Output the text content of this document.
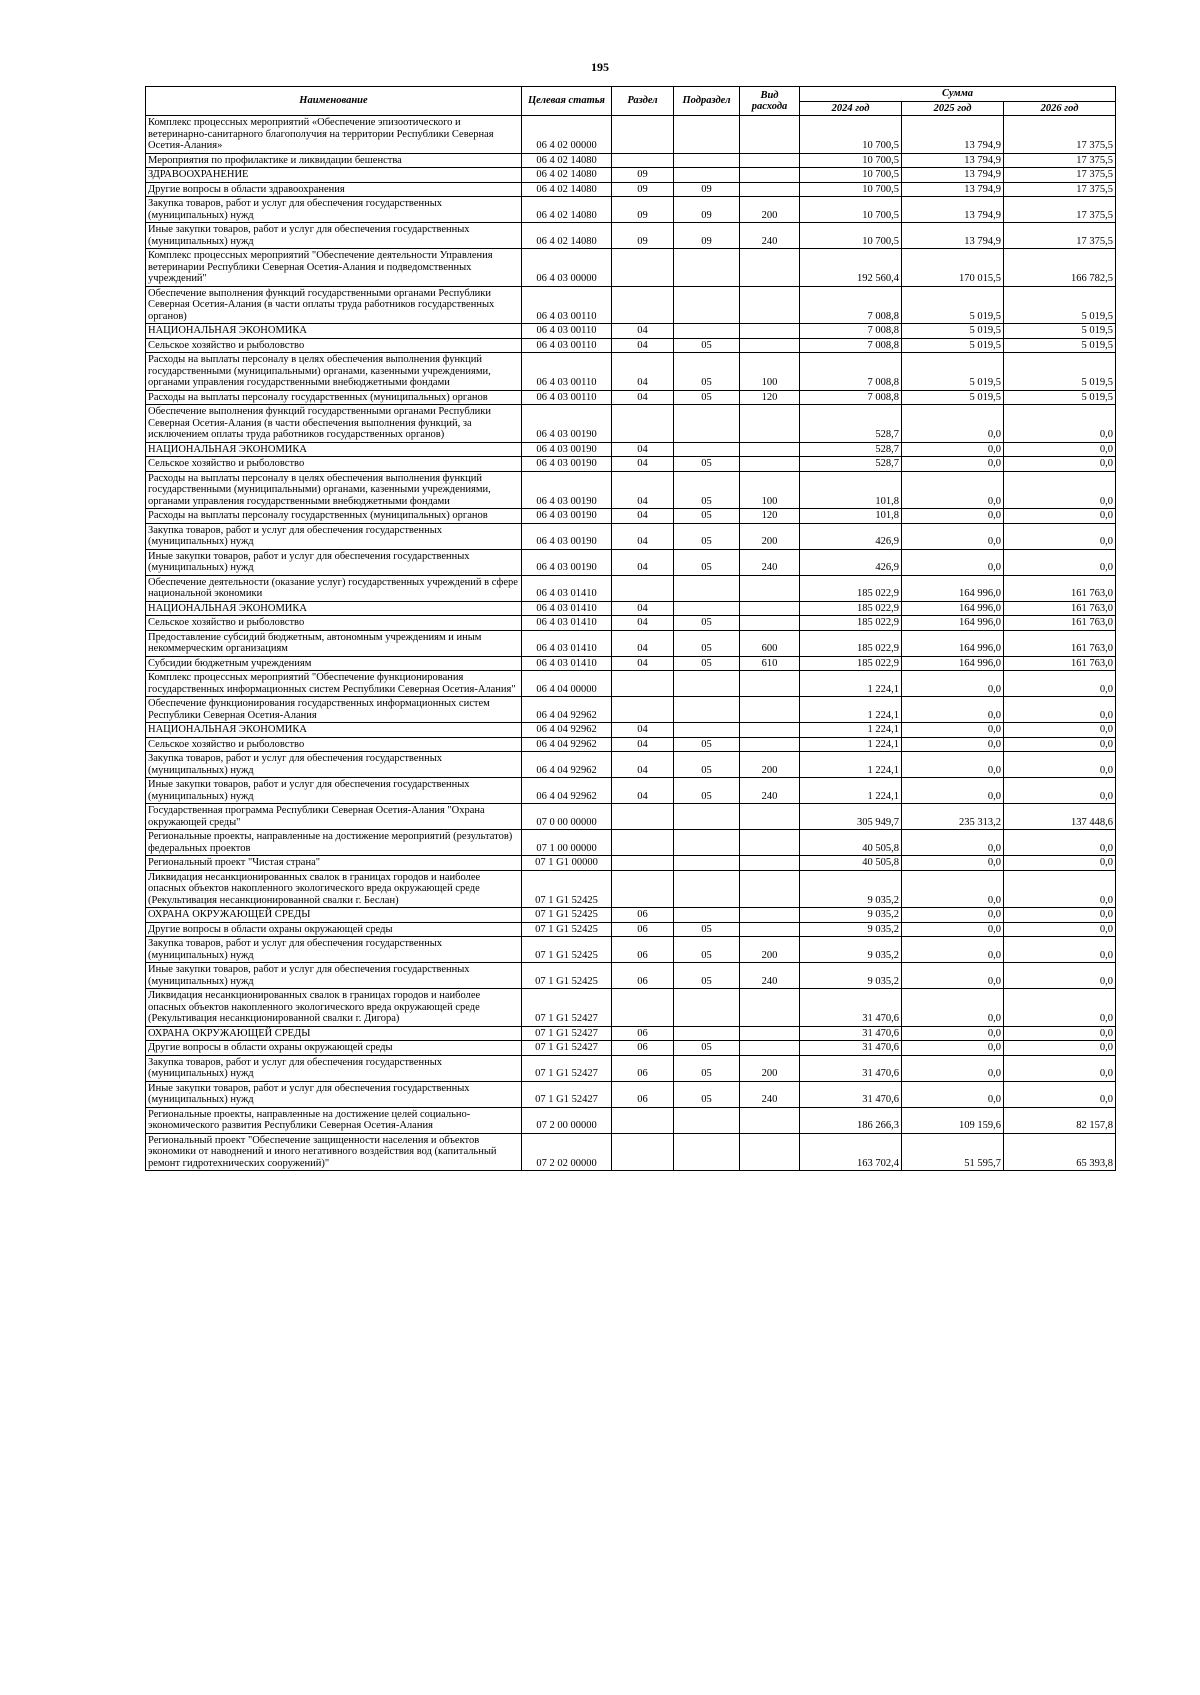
195
Наименование	Целевая статья	Раздел	Подраздел	Вид расхода	Сумма		
					2024 год	2025 год	2026 год
Комплекс процессных мероприятий «Обеспечение эпизоотического и ветеринарно-санитарного благополучия на территории Республики Северная Осетия-Алания»	06 4 02 00000				10 700,5	13 794,9	17 375,5
Мероприятия по профилактике и ликвидации бешенства	06 4 02 14080				10 700,5	13 794,9	17 375,5
ЗДРАВООХРАНЕНИЕ	06 4 02 14080	09			10 700,5	13 794,9	17 375,5
Другие вопросы в области здравоохранения	06 4 02 14080	09	09		10 700,5	13 794,9	17 375,5
Закупка товаров, работ и услуг для обеспечения государственных (муниципальных) нужд	06 4 02 14080	09	09	200	10 700,5	13 794,9	17 375,5
Иные закупки товаров, работ и услуг для обеспечения государственных (муниципальных) нужд	06 4 02 14080	09	09	240	10 700,5	13 794,9	17 375,5
Комплекс процессных мероприятий "Обеспечение деятельности Управления ветеринарии Республики Северная Осетия-Алания и подведомственных учреждений"	06 4 03 00000				192 560,4	170 015,5	166 782,5
Обеспечение выполнения функций государственными органами Республики Северная Осетия-Алания (в части оплаты труда работников государственных органов)	06 4 03 00110				7 008,8	5 019,5	5 019,5
НАЦИОНАЛЬНАЯ ЭКОНОМИКА	06 4 03 00110	04			7 008,8	5 019,5	5 019,5
Сельское хозяйство и рыболовство	06 4 03 00110	04	05		7 008,8	5 019,5	5 019,5
Расходы на выплаты персоналу в целях обеспечения выполнения функций государственными (муниципальными) органами, казенными учреждениями, органами управления государственными внебюджетными фондами	06 4 03 00110	04	05	100	7 008,8	5 019,5	5 019,5
Расходы на выплаты персоналу государственных (муниципальных) органов	06 4 03 00110	04	05	120	7 008,8	5 019,5	5 019,5
Обеспечение выполнения функций государственными органами Республики Северная Осетия-Алания (в части обеспечения выполнения функций, за исключением оплаты труда работников государственных органов)	06 4 03 00190				528,7	0,0	0,0
НАЦИОНАЛЬНАЯ ЭКОНОМИКА	06 4 03 00190	04			528,7	0,0	0,0
Сельское хозяйство и рыболовство	06 4 03 00190	04	05		528,7	0,0	0,0
Расходы на выплаты персоналу в целях обеспечения выполнения функций государственными (муниципальными) органами, казенными учреждениями, органами управления государственными внебюджетными фондами	06 4 03 00190	04	05	100	101,8	0,0	0,0
Расходы на выплаты персоналу государственных (муниципальных) органов	06 4 03 00190	04	05	120	101,8	0,0	0,0
Закупка товаров, работ и услуг для обеспечения государственных (муниципальных) нужд	06 4 03 00190	04	05	200	426,9	0,0	0,0
Иные закупки товаров, работ и услуг для обеспечения государственных (муниципальных) нужд	06 4 03 00190	04	05	240	426,9	0,0	0,0
Обеспечение деятельности (оказание услуг) государственных учреждений в сфере национальной экономики	06 4 03 01410				185 022,9	164 996,0	161 763,0
НАЦИОНАЛЬНАЯ ЭКОНОМИКА	06 4 03 01410	04			185 022,9	164 996,0	161 763,0
Сельское хозяйство и рыболовство	06 4 03 01410	04	05		185 022,9	164 996,0	161 763,0
Предоставление субсидий бюджетным, автономным учреждениям и иным некоммерческим организациям	06 4 03 01410	04	05	600	185 022,9	164 996,0	161 763,0
Субсидии бюджетным учреждениям	06 4 03 01410	04	05	610	185 022,9	164 996,0	161 763,0
Комплекс процессных мероприятий "Обеспечение функционирования государственных информационных систем Республики Северная Осетия-Алания"	06 4 04 00000				1 224,1	0,0	0,0
Обеспечение функционирования государственных информационных систем Республики Северная Осетия-Алания	06 4 04 92962				1 224,1	0,0	0,0
НАЦИОНАЛЬНАЯ ЭКОНОМИКА	06 4 04 92962	04			1 224,1	0,0	0,0
Сельское хозяйство и рыболовство	06 4 04 92962	04	05		1 224,1	0,0	0,0
Закупка товаров, работ и услуг для обеспечения государственных (муниципальных) нужд	06 4 04 92962	04	05	200	1 224,1	0,0	0,0
Иные закупки товаров, работ и услуг для обеспечения государственных (муниципальных) нужд	06 4 04 92962	04	05	240	1 224,1	0,0	0,0
Государственная программа Республики Северная Осетия-Алания "Охрана окружающей среды"	07 0 00 00000				305 949,7	235 313,2	137 448,6
Региональные проекты, направленные на достижение мероприятий (результатов) федеральных проектов	07 1 00 00000				40 505,8	0,0	0,0
Региональный проект "Чистая страна"	07 1 G1 00000				40 505,8	0,0	0,0
Ликвидация несанкционированных свалок в границах городов и наиболее опасных объектов накопленного экологического вреда окружающей среде (Рекультивация несанкционированной свалки г. Беслан)	07 1 G1 52425				9 035,2	0,0	0,0
ОХРАНА ОКРУЖАЮЩЕЙ СРЕДЫ	07 1 G1 52425	06			9 035,2	0,0	0,0
Другие вопросы в области охраны окружающей среды	07 1 G1 52425	06	05		9 035,2	0,0	0,0
Закупка товаров, работ и услуг для обеспечения государственных (муниципальных) нужд	07 1 G1 52425	06	05	200	9 035,2	0,0	0,0
Иные закупки товаров, работ и услуг для обеспечения государственных (муниципальных) нужд	07 1 G1 52425	06	05	240	9 035,2	0,0	0,0
Ликвидация несанкционированных свалок в границах городов и наиболее опасных объектов накопленного экологического вреда окружающей среде (Рекультивация несанкционированной свалки г. Дигора)	07 1 G1 52427				31 470,6	0,0	0,0
ОХРАНА ОКРУЖАЮЩЕЙ СРЕДЫ	07 1 G1 52427	06			31 470,6	0,0	0,0
Другие вопросы в области охраны окружающей среды	07 1 G1 52427	06	05		31 470,6	0,0	0,0
Закупка товаров, работ и услуг для обеспечения государственных (муниципальных) нужд	07 1 G1 52427	06	05	200	31 470,6	0,0	0,0
Иные закупки товаров, работ и услуг для обеспечения государственных (муниципальных) нужд	07 1 G1 52427	06	05	240	31 470,6	0,0	0,0
Региональные проекты, направленные на достижение целей социально-экономического развития Республики Северная Осетия-Алания	07 2 00 00000				186 266,3	109 159,6	82 157,8
Региональный проект "Обеспечение защищенности населения и объектов экономики от наводнений и иного негативного воздействия вод (капитальный ремонт гидротехнических сооружений)"	07 2 02 00000				163 702,4	51 595,7	65 393,8
